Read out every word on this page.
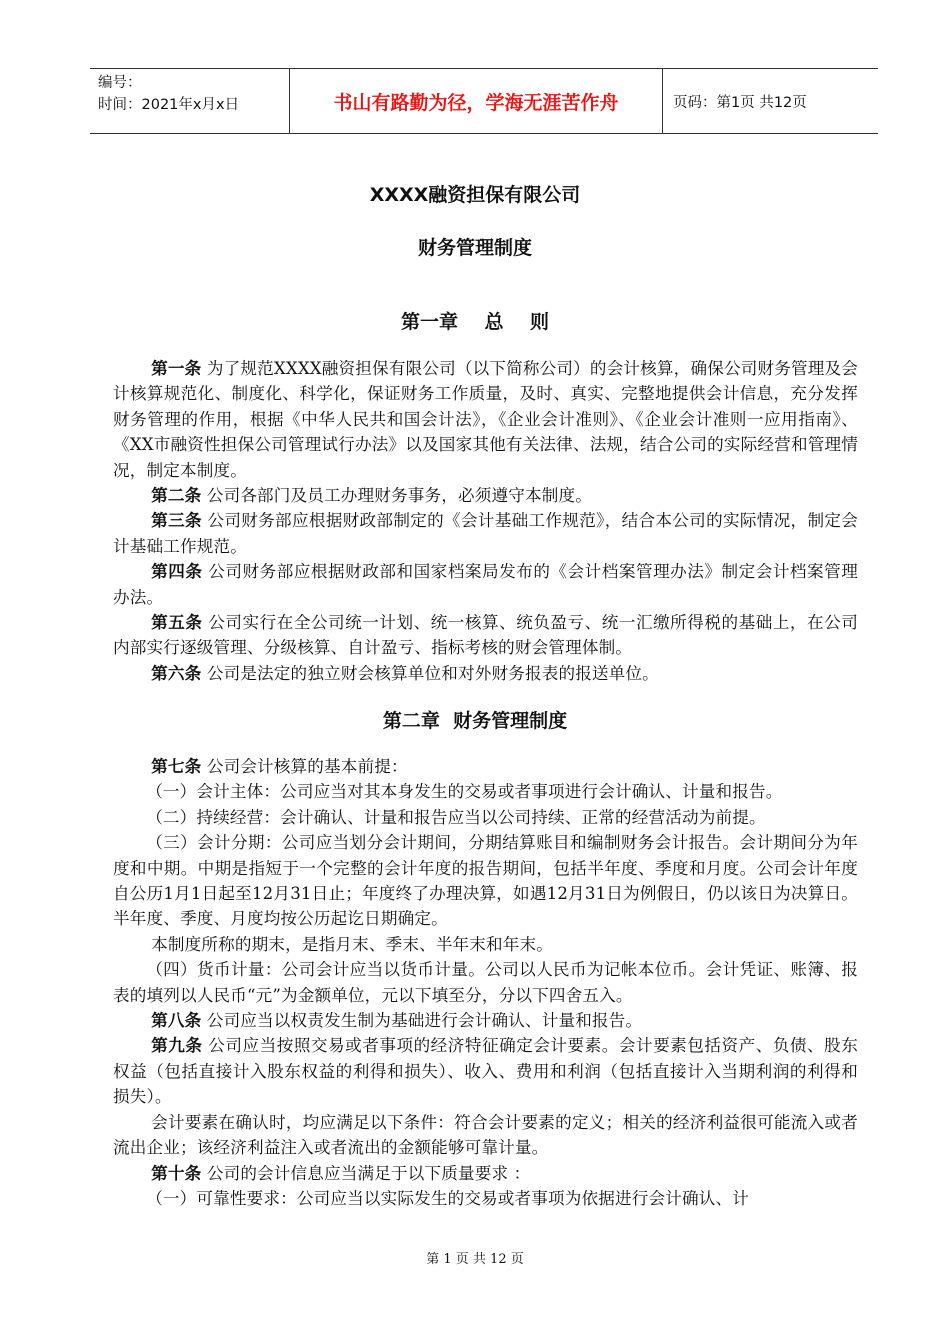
编号：
时间：2021年x月x日	书山有路勤为径，学海无涯苦作舟	页码：第1页 共12页
XXXX融资担保有限公司
财务管理制度
第一章    总    则

第一条 为了规范XXXX融资担保有限公司（以下简称公司）的会计核算，确保公司财务管理及会计核算规范化、制度化、科学化，保证财务工作质量，及时、真实、完整地提供会计信息，充分发挥财务管理的作用，根据《中华人民共和国会计法》，《企业会计准则》、《企业会计准则一应用指南》、《XX市融资性担保公司管理试行办法》以及国家其他有关法律、法规，结合公司的实际经营和管理情况，制定本制度。

第二条 公司各部门及员工办理财务事务，必须遵守本制度。

第三条 公司财务部应根据财政部制定的《会计基础工作规范》，结合本公司的实际情况，制定会计基础工作规范。

第四条 公司财务部应根据财政部和国家档案局发布的《会计档案管理办法》制定会计档案管理办法。

第五条 公司实行在全公司统一计划、统一核算、统负盈亏、统一汇缴所得税的基础上，在公司内部实行逐级管理、分级核算、自计盈亏、指标考核的财会管理体制。

第六条 公司是法定的独立财会核算单位和对外财务报表的报送单位。

第二章  财务管理制度

第七条 公司会计核算的基本前提：

（一）会计主体：公司应当对其本身发生的交易或者事项进行会计确认、计量和报告。

（二）持续经营：会计确认、计量和报告应当以公司持续、正常的经营活动为前提。

（三）会计分期：公司应当划分会计期间，分期结算账目和编制财务会计报告。会计期间分为年度和中期。中期是指短于一个完整的会计年度的报告期间，包括半年度、季度和月度。公司会计年度自公历1月1日起至12月31日止；年度终了办理决算，如遇12月31日为例假日，仍以该日为决算日。半年度、季度、月度均按公历起讫日期确定。

本制度所称的期末，是指月末、季末、半年末和年末。

（四）货币计量：公司会计应当以货币计量。公司以人民币为记帐本位币。会计凭证、账簿、报表的填列以人民币“元”为金额单位，元以下填至分，分以下四舍五入。

第八条 公司应当以权责发生制为基础进行会计确认、计量和报告。

第九条 公司应当按照交易或者事项的经济特征确定会计要素。会计要素包括资产、负债、股东权益（包括直接计入股东权益的利得和损失）、收入、费用和利润（包括直接计入当期利润的利得和损失）。

会计要素在确认时，均应满足以下条件：符合会计要素的定义；相关的经济利益很可能流入或者流出企业；该经济利益注入或者流出的金额能够可靠计量。

第十条 公司的会计信息应当满足于以下质量要求 ：

（一）可靠性要求：公司应当以实际发生的交易或者事项为依据进行会计确认、计

第 1 页 共 12 页
